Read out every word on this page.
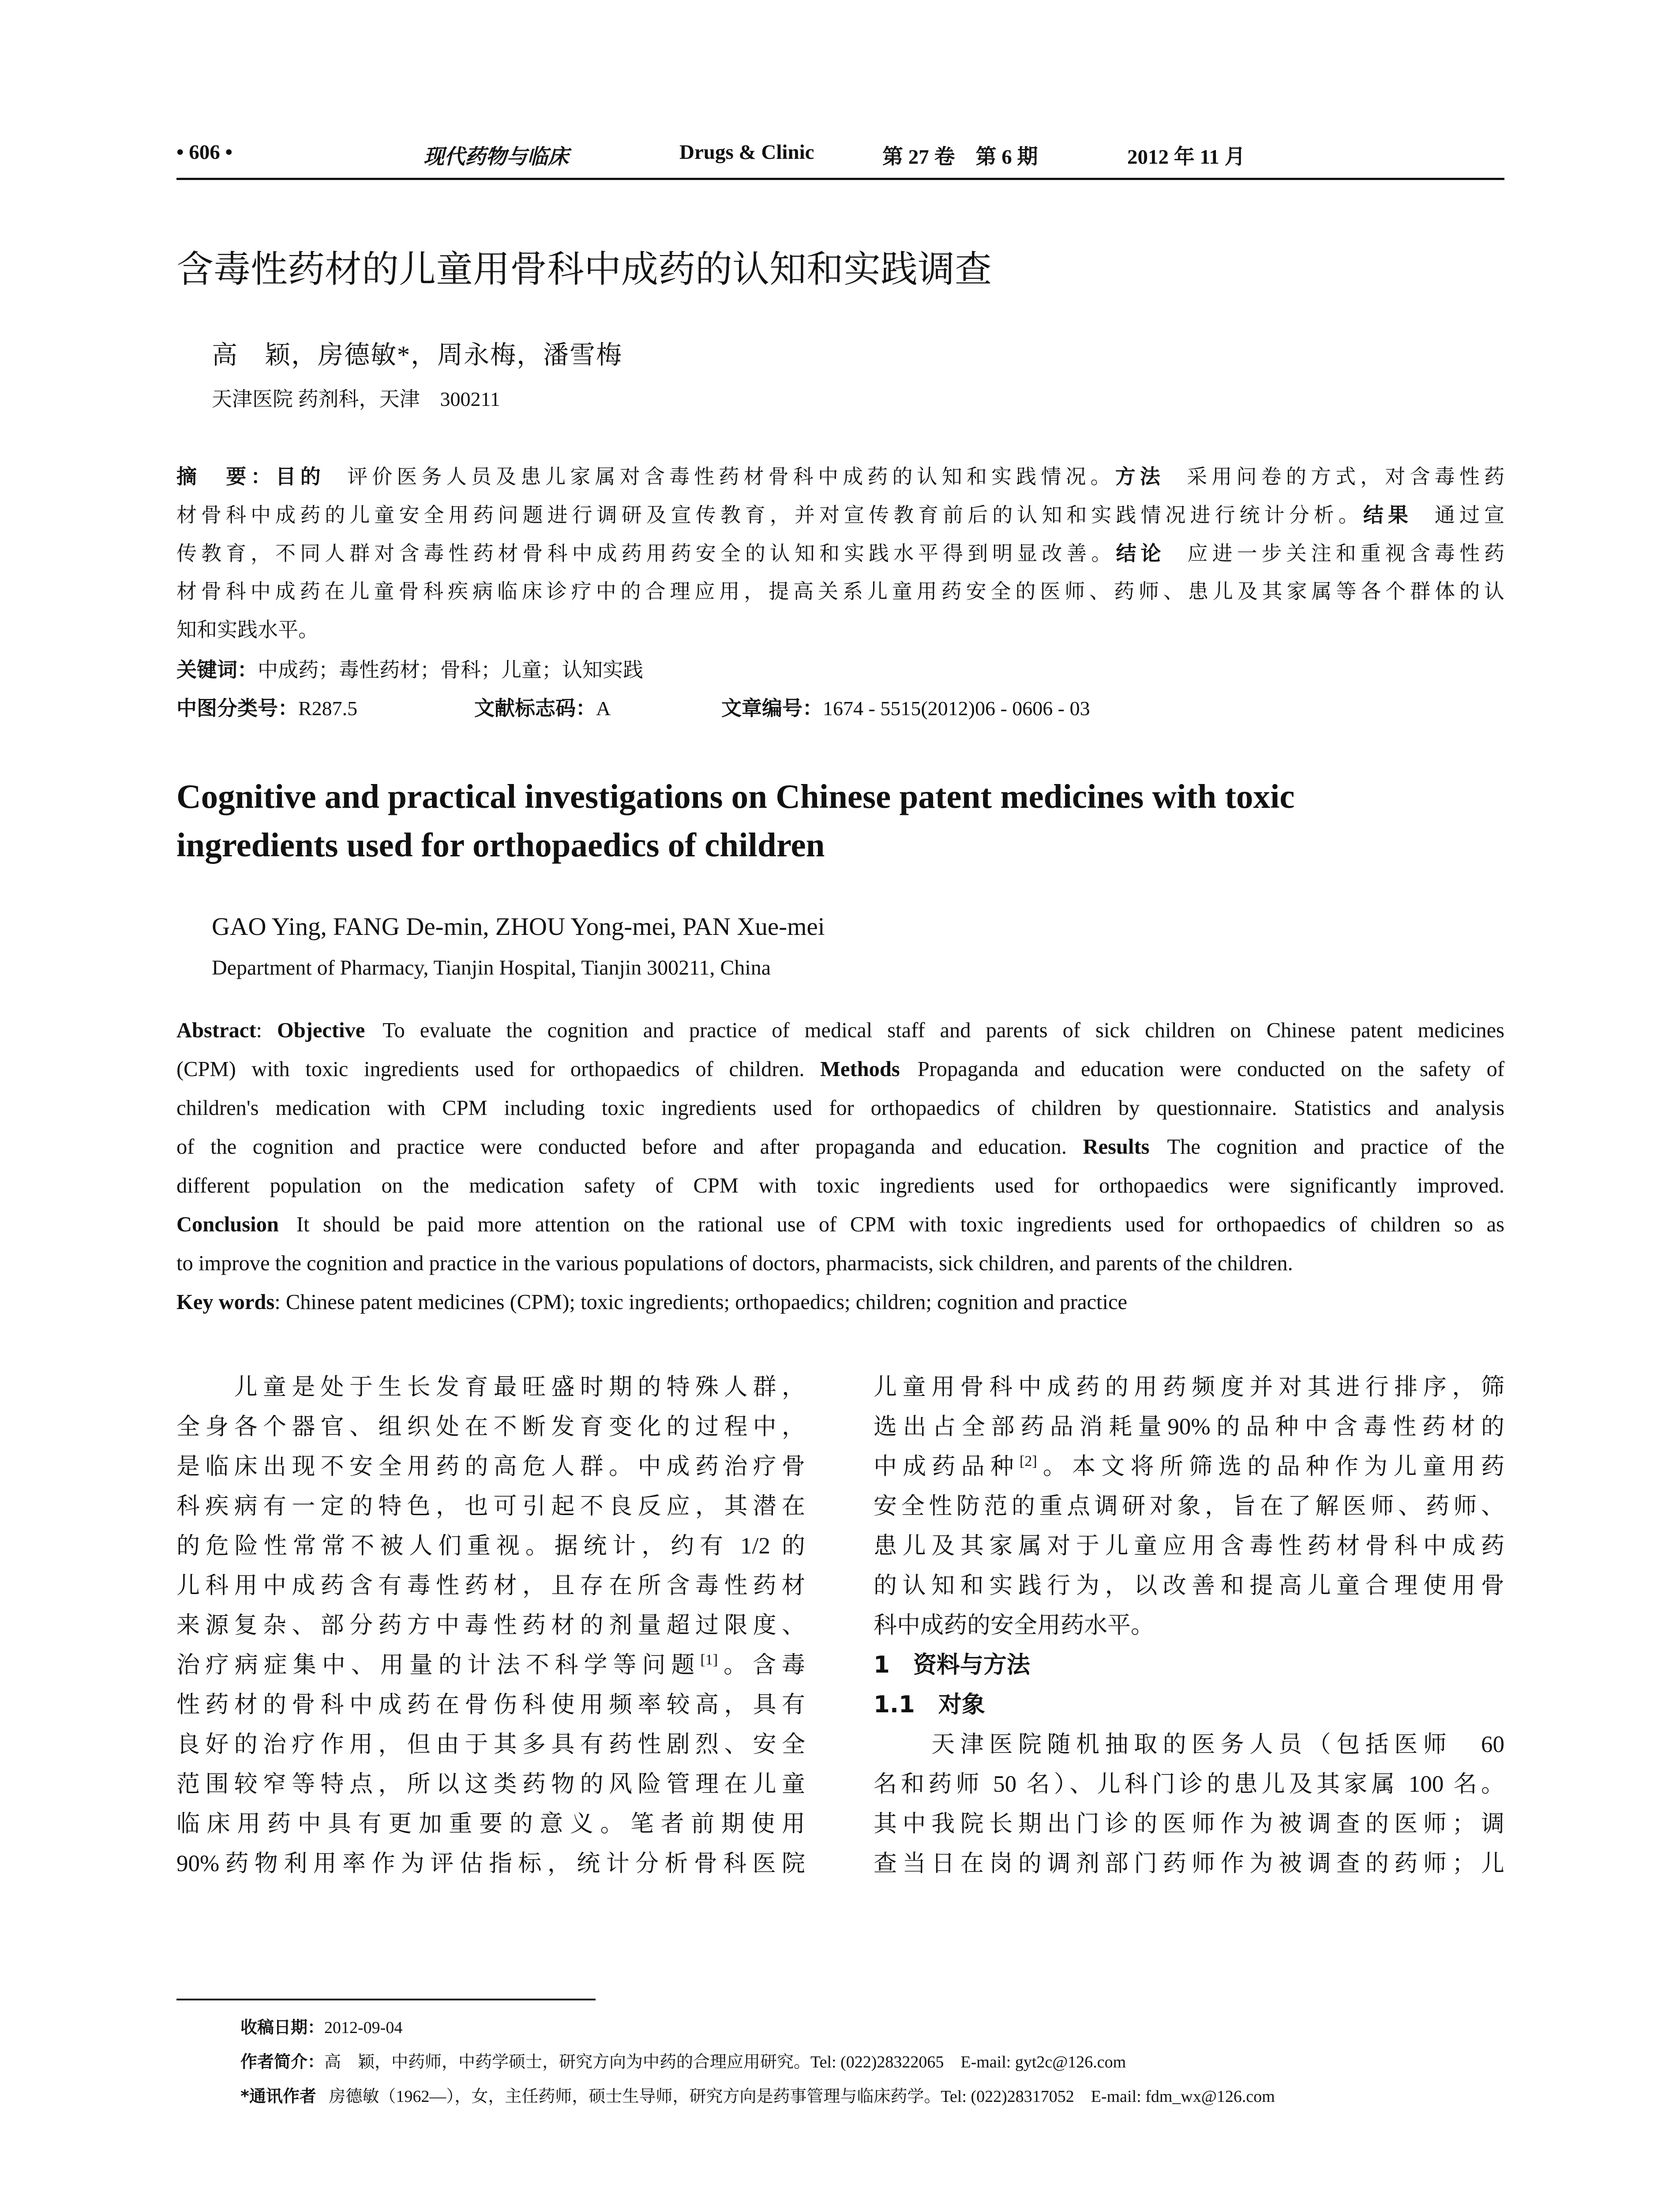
• 606 •	现代药物与临床	Drugs & Clinic	第 27 卷　第 6 期	2012 年 11 月
含毒性药材的儿童用骨科中成药的认知和实践调查
高　颖，房德敏*，周永梅，潘雪梅
天津医院 药剂科，天津　300211
摘　要：目的 评价医务人员及患儿家属对含毒性药材骨科中成药的认知和实践情况。方法 采用问卷的方式，对含毒性药
材骨科中成药的儿童安全用药问题进行调研及宣传教育，并对宣传教育前后的认知和实践情况进行统计分析。结果 通过宣
传教育，不同人群对含毒性药材骨科中成药用药安全的认知和实践水平得到明显改善。结论 应进一步关注和重视含毒性药
材骨科中成药在儿童骨科疾病临床诊疗中的合理应用，提高关系儿童用药安全的医师、药师、患儿及其家属等各个群体的认
知和实践水平。
关键词：中成药；毒性药材；骨科；儿童；认知实践
中图分类号：R287.5	文献标志码：A	文章编号：1674 - 5515(2012)06 - 0606 - 03
Cognitive and practical investigations on Chinese patent medicines with toxic
ingredients used for orthopaedics of children
GAO Ying, FANG De-min, ZHOU Yong-mei, PAN Xue-mei
Department of Pharmacy, Tianjin Hospital, Tianjin 300211, China
Abstract: Objective To evaluate the cognition and practice of medical staff and parents of sick children on Chinese patent medicines
(CPM) with toxic ingredients used for orthopaedics of children. Methods Propaganda and education were conducted on the safety of
children's medication with CPM including toxic ingredients used for orthopaedics of children by questionnaire. Statistics and analysis
of the cognition and practice were conducted before and after propaganda and education. Results The cognition and practice of the
different population on the medication safety of CPM with toxic ingredients used for orthopaedics were significantly improved.
Conclusion It should be paid more attention on the rational use of CPM with toxic ingredients used for orthopaedics of children so as
to improve the cognition and practice in the various populations of doctors, pharmacists, sick children, and parents of the children.
Key words: Chinese patent medicines (CPM); toxic ingredients; orthopaedics; children; cognition and practice
　　儿童是处于生长发育最旺盛时期的特殊人群，
全身各个器官、组织处在不断发育变化的过程中，
是临床出现不安全用药的高危人群。中成药治疗骨
科疾病有一定的特色，也可引起不良反应，其潜在
的危险性常常不被人们重视。据统计，约有 1/2 的
儿科用中成药含有毒性药材，且存在所含毒性药材
来源复杂、部分药方中毒性药材的剂量超过限度、
治疗病症集中、用量的计法不科学等问题[1]。含毒
性药材的骨科中成药在骨伤科使用频率较高，具有
良好的治疗作用，但由于其多具有药性剧烈、安全
范围较窄等特点，所以这类药物的风险管理在儿童
临床用药中具有更加重要的意义。笔者前期使用
90%药物利用率作为评估指标，统计分析骨科医院
儿童用骨科中成药的用药频度并对其进行排序，筛
选出占全部药品消耗量90%的品种中含毒性药材的
中成药品种[2]。本文将所筛选的品种作为儿童用药
安全性防范的重点调研对象，旨在了解医师、药师、
患儿及其家属对于儿童应用含毒性药材骨科中成药
的认知和实践行为，以改善和提高儿童合理使用骨
科中成药的安全用药水平。
1　资料与方法
1.1　对象
　　天津医院随机抽取的医务人员（包括医师　60
名和药师 50 名）、儿科门诊的患儿及其家属 100 名。
其中我院长期出门诊的医师作为被调查的医师；调
查当日在岗的调剂部门药师作为被调查的药师；儿
收稿日期：2012-09-04
作者简介：高　颖，中药师，中药学硕士，研究方向为中药的合理应用研究。Tel: (022)28322065　E-mail: gyt2c@126.com
*通讯作者 房德敏（1962—），女，主任药师，硕士生导师，研究方向是药事管理与临床药学。Tel: (022)28317052　E-mail: fdm_wx@126.com
